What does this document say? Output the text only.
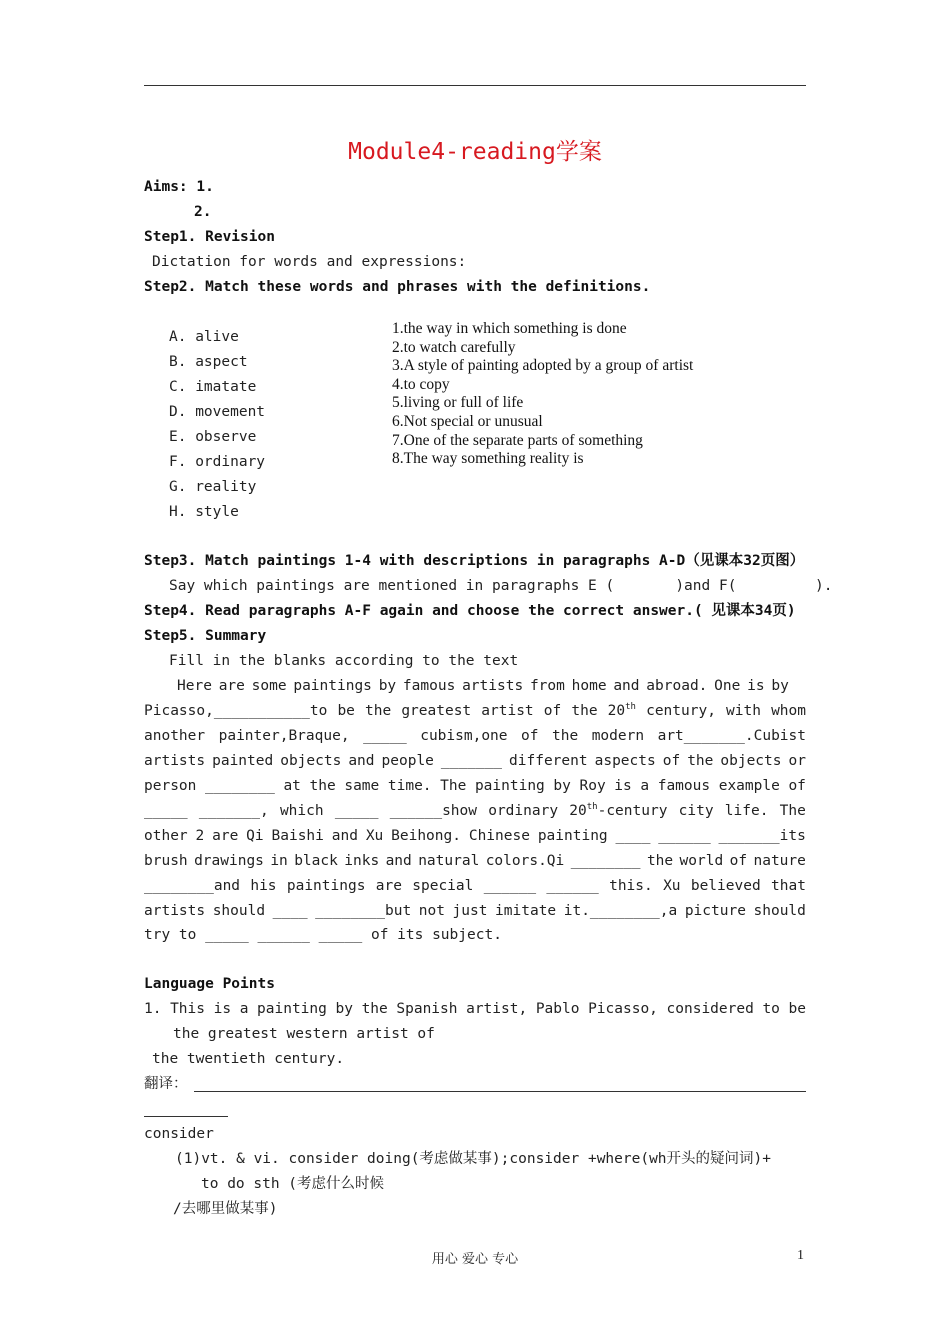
Module4-reading学案
Aims: 1.
2.
Step1. Revision
Dictation for words and expressions:
Step2. Match these words and phrases with the definitions.
A. alive
B. aspect
C. imatate
D. movement
E. observe
F. ordinary
G. reality
H. style
1.the way in which something is done
2.to watch carefully
3.A style of painting adopted by a group of artist
4.to copy
5.living or full of life
6.Not special or unusual
7.One of the separate parts of something
8.The way something reality is
Step3. Match paintings 1-4 with descriptions in paragraphs A-D（见课本32页图）
Say which paintings are mentioned in paragraphs E (       )and F(         ).
Step4. Read paragraphs A-F again and choose the correct answer.( 见课本34页)
Step5. Summary
Fill in the blanks according to the text
Here are some paintings by famous artists from home and abroad. One is by
Picasso,___________to be the greatest artist of the 20th century, with whom
another painter,Braque, _____ cubism,one of the modern art_______.Cubist
artists painted objects and people _______ different aspects of the objects or
person ________ at the same time. The painting by Roy is a famous example of
_____ _______, which _____ ______show ordinary 20th-century city life. The
other 2 are Qi Baishi and Xu Beihong. Chinese painting ____ ______ _______its
brush drawings in black inks and natural colors.Qi ________ the world of nature
________and his paintings are special ______ ______ this. Xu believed that
artists should ____ ________but not just imitate it.________,a picture should
try to _____ ______ _____ of its subject.
Language Points
1. This is a painting by the Spanish artist, Pablo Picasso, considered to be
the greatest western artist of
the twentieth century.
翻译：
consider
(1)vt. & vi. consider doing(考虑做某事);consider +where(wh开头的疑问词)+
to do sth (考虑什么时候
/去哪里做某事)
用心 爱心 专心	1
